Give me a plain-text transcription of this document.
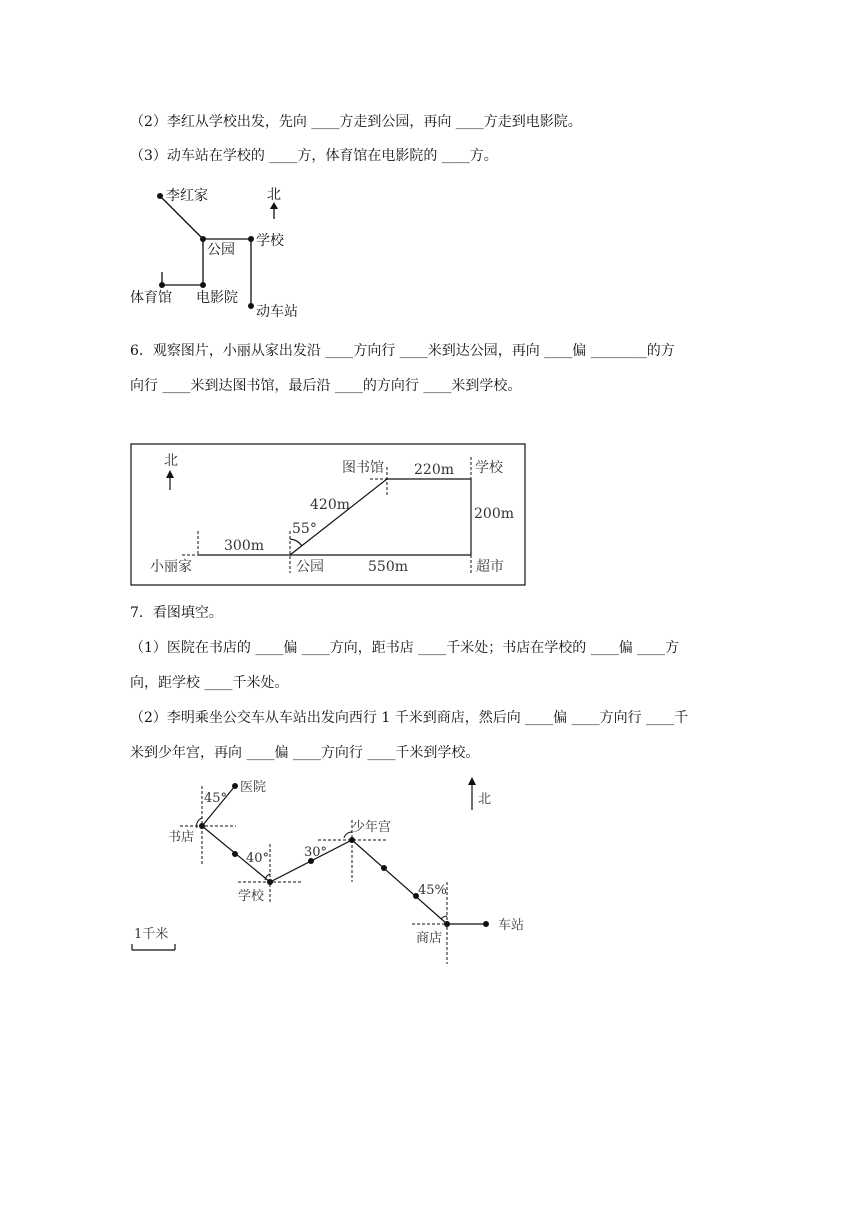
（2）李红从学校出发，先向 ____方走到公园，再向 ____方走到电影院。
（3）动车站在学校的 ____方，体育馆在电影院的 ____方。
李红家	北
公园
学校
体育馆 电影院
动车站
6．观察图片，小丽从家出发沿 ____方向行 ____米到达公园，再向 ____偏 ________的方
向行 ____米到达图书馆，最后沿 ____的方向行 ____米到学校。
北	图书馆	学校
220m
420m
55°
200m
300m
小丽家	公园	550m	超市
7．看图填空。
（1）医院在书店的 ____偏 ____方向，距书店 ____千米处；书店在学校的 ____偏 ____方
向，距学校 ____千米处。
（2）李明乘坐公交车从车站出发向西行 1 千米到商店，然后向 ____偏 ____方向行 ____千
米到少年宫，再向 ____偏 ____方向行 ____千米到学校。
45°
医院
书店
40°
学校
30°
少年宫
45%
商店
车站
北
1千米
